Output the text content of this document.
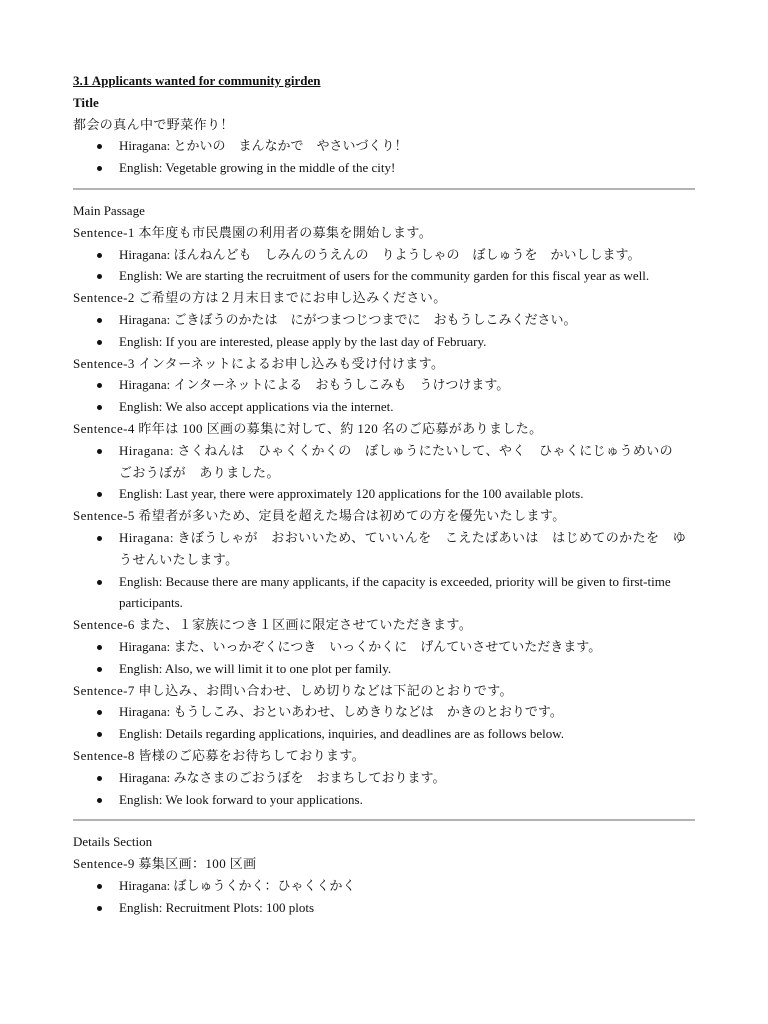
3.1 Applicants wanted for community girden
Title
都会の真ん中で野菜作り！
Hiragana: とかいの　まんなかで　やさいづくり！
English: Vegetable growing in the middle of the city!
Main Passage
Sentence-1 本年度も市民農園の利用者の募集を開始します。
Hiragana: ほんねんども　しみんのうえんの　りようしゃの　ぼしゅうを　かいしします。
English: We are starting the recruitment of users for the community garden for this fiscal year as well.
Sentence-2 ご希望の方は２月末日までにお申し込みください。
Hiragana: ごきぼうのかたは　にがつまつじつまでに　おもうしこみください。
English: If you are interested, please apply by the last day of February.
Sentence-3 インターネットによるお申し込みも受け付けます。
Hiragana: インターネットによる　おもうしこみも　うけつけます。
English: We also accept applications via the internet.
Sentence-4 昨年は 100 区画の募集に対して、約 120 名のご応募がありました。
Hiragana: さくねんは　ひゃくくかくの　ぼしゅうにたいして、やく　ひゃくにじゅうめいの　ごおうぼが　ありました。
English: Last year, there were approximately 120 applications for the 100 available plots.
Sentence-5 希望者が多いため、定員を超えた場合は初めての方を優先いたします。
Hiragana: きぼうしゃが　おおいいため、ていいんを　こえたばあいは　はじめてのかたを　ゆうせんいたします。
English: Because there are many applicants, if the capacity is exceeded, priority will be given to first-time participants.
Sentence-6 また、１家族につき１区画に限定させていただきます。
Hiragana: また、いっかぞくにつき　いっくかくに　げんていさせていただきます。
English: Also, we will limit it to one plot per family.
Sentence-7 申し込み、お問い合わせ、しめ切りなどは下記のとおりです。
Hiragana: もうしこみ、おといあわせ、しめきりなどは　かきのとおりです。
English: Details regarding applications, inquiries, and deadlines are as follows below.
Sentence-8 皆様のご応募をお待ちしております。
Hiragana: みなさまのごおうぼを　おまちしております。
English: We look forward to your applications.
Details Section
Sentence-9 募集区画：100 区画
Hiragana: ぼしゅうくかく：ひゃくくかく
English: Recruitment Plots: 100 plots
